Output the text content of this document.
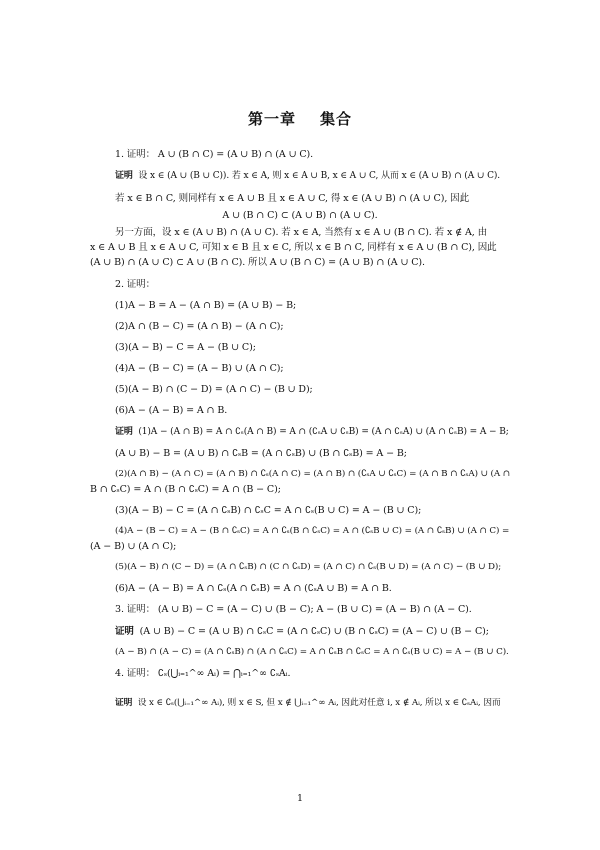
第一章 集合
1. 证明： A ∪ (B ∩ C) = (A ∪ B) ∩ (A ∪ C).
证明 设 x ∈ (A ∪ (B ∪ C)). 若 x ∈ A, 则 x ∈ A ∪ B, x ∈ A ∪ C, 从而 x ∈ (A ∪ B) ∩ (A ∪ C).
若 x ∈ B ∩ C, 则同样有 x ∈ A ∪ B 且 x ∈ A ∪ C, 得 x ∈ (A ∪ B) ∩ (A ∪ C), 因此
A ∪ (B ∩ C) ⊂ (A ∪ B) ∩ (A ∪ C).
另一方面，设 x ∈ (A ∪ B) ∩ (A ∪ C). 若 x ∈ A, 当然有 x ∈ A ∪ (B ∩ C). 若 x ∉ A, 由
x ∈ A ∪ B 且 x ∈ A ∪ C, 可知 x ∈ B 且 x ∈ C, 所以 x ∈ B ∩ C, 同样有 x ∈ A ∪ (B ∩ C), 因此
(A ∪ B) ∩ (A ∪ C) ⊂ A ∪ (B ∩ C). 所以 A ∪ (B ∩ C) = (A ∪ B) ∩ (A ∪ C).
2. 证明：
(1)A − B = A − (A ∩ B) = (A ∪ B) − B;
(2)A ∩ (B − C) = (A ∩ B) − (A ∩ C);
(3)(A − B) − C = A − (B ∪ C);
(4)A − (B − C) = (A − B) ∪ (A ∩ C);
(5)(A − B) ∩ (C − D) = (A ∩ C) − (B ∪ D);
(6)A − (A − B) = A ∩ B.
证明 (1)A − (A ∩ B) = A ∩ ∁ₛ(A ∩ B) = A ∩ (∁ₛA ∪ ∁ₛB) = (A ∩ ∁ₛA) ∪ (A ∩ ∁ₛB) = A − B;
(A ∪ B) − B = (A ∪ B) ∩ ∁ₛB = (A ∩ ∁ₛB) ∪ (B ∩ ∁ₛB) = A − B;
(2)(A ∩ B) − (A ∩ C) = (A ∩ B) ∩ ∁ₛ(A ∩ C) = (A ∩ B) ∩ (∁ₛA ∪ ∁ₛC) = (A ∩ B ∩ ∁ₛA) ∪ (A ∩
B ∩ ∁ₛC) = A ∩ (B ∩ ∁ₛC) = A ∩ (B − C);
(3)(A − B) − C = (A ∩ ∁ₛB) ∩ ∁ₛC = A ∩ ∁ₛ(B ∪ C) = A − (B ∪ C);
(4)A − (B − C) = A − (B ∩ ∁ₛC) = A ∩ ∁ₛ(B ∩ ∁ₛC) = A ∩ (∁ₛB ∪ C) = (A ∩ ∁ₛB) ∪ (A ∩ C) =
(A − B) ∪ (A ∩ C);
(5)(A − B) ∩ (C − D) = (A ∩ ∁ₛB) ∩ (C ∩ ∁ₛD) = (A ∩ C) ∩ ∁ₛ(B ∪ D) = (A ∩ C) − (B ∪ D);
(6)A − (A − B) = A ∩ ∁ₛ(A ∩ ∁ₛB) = A ∩ (∁ₛA ∪ B) = A ∩ B.
3. 证明： (A ∪ B) − C = (A − C) ∪ (B − C); A − (B ∪ C) = (A − B) ∩ (A − C).
证明 (A ∪ B) − C = (A ∪ B) ∩ ∁ₛC = (A ∩ ∁ₛC) ∪ (B ∩ ∁ₛC) = (A − C) ∪ (B − C);
(A − B) ∩ (A − C) = (A ∩ ∁ₛB) ∩ (A ∩ ∁ₛC) = A ∩ ∁ₛB ∩ ∁ₛC = A ∩ ∁ₛ(B ∪ C) = A − (B ∪ C).
4. 证明： ∁ₛ(⋃ᵢ₌₁^∞ Aᵢ) = ⋂ᵢ₌₁^∞ ∁ₛAᵢ.
证明 设 x ∈ ∁ₛ(⋃ᵢ₌₁^∞ Aᵢ), 则 x ∈ S, 但 x ∉ ⋃ᵢ₌₁^∞ Aᵢ, 因此对任意 i, x ∉ Aᵢ, 所以 x ∈ ∁ₛAᵢ, 因而
1
